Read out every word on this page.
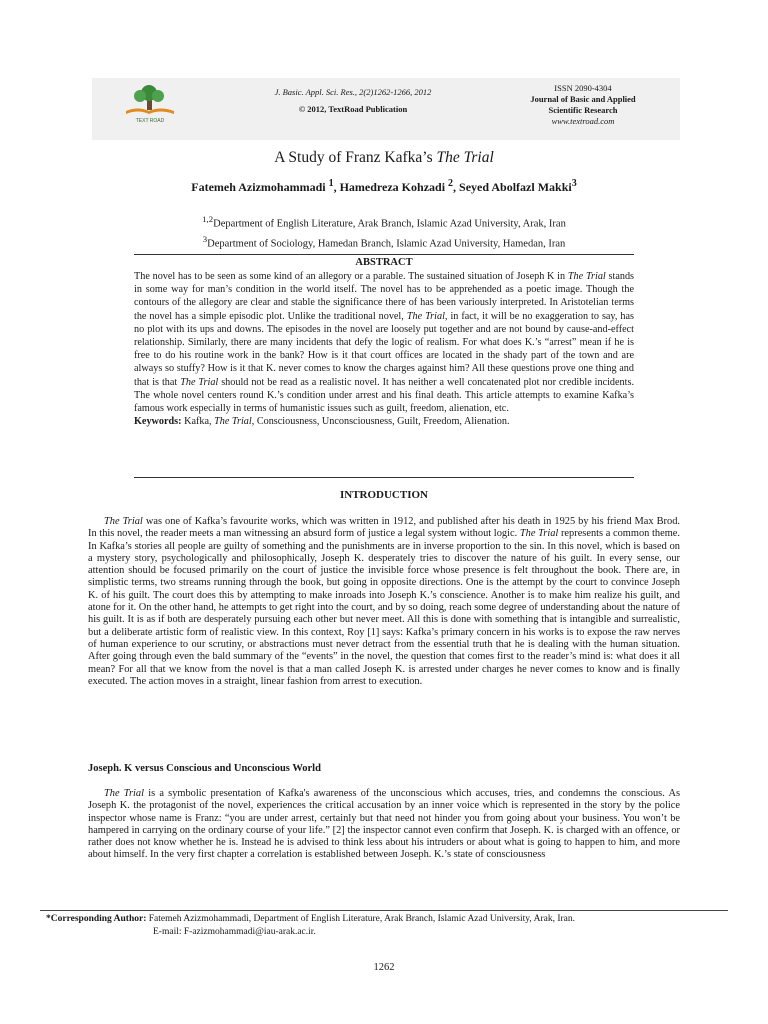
TEXT ROAD
J. Basic. Appl. Sci. Res., 2(2)1262-1266, 2012
© 2012, TextRoad Publication
ISSN 2090-4304
Journal of Basic and Applied
Scientific Research
www.textroad.com
A Study of Franz Kafka’s The Trial
Fatemeh Azizmohammadi $^1$, Hamedreza Kohzadi $^2$, Seyed Abolfazl Makki$^3$
$^{1,2}$Department of English Literature, Arak Branch, Islamic Azad University, Arak, Iran
$^3$Department of Sociology, Hamedan Branch, Islamic Azad University, Hamedan, Iran
ABSTRACT

The novel has to be seen as some kind of an allegory or a parable. The sustained situation of Joseph K in The Trial stands in some way for man’s condition in the world itself. The novel has to be apprehended as a poetic image. Though the contours of the allegory are clear and stable the significance there of has been variously interpreted. In Aristotelian terms the novel has a simple episodic plot. Unlike the traditional novel, The Trial, in fact, it will be no exaggeration to say, has no plot with its ups and downs. The episodes in the novel are loosely put together and are not bound by cause-and-effect relationship. Similarly, there are many incidents that defy the logic of realism. For what does K.’s “arrest” mean if he is free to do his routine work in the bank? How is it that court offices are located in the shady part of the town and are always so stuffy? How is it that K. never comes to know the charges against him? All these questions prove one thing and that is that The Trial should not be read as a realistic novel. It has neither a well concatenated plot nor credible incidents. The whole novel centers round K.’s condition under arrest and his final death. This article attempts to examine Kafka’s famous work especially in terms of humanistic issues such as guilt, freedom, alienation, etc.

Keywords: Kafka, The Trial, Consciousness, Unconsciousness, Guilt, Freedom, Alienation.

INTRODUCTION

The Trial was one of Kafka’s favourite works, which was written in 1912, and published after his death in 1925 by his friend Max Brod. In this novel, the reader meets a man witnessing an absurd form of justice a legal system without logic. The Trial represents a common theme. In Kafka’s stories all people are guilty of something and the punishments are in inverse proportion to the sin. In this novel, which is based on a mystery story, psychologically and philosophically, Joseph K. desperately tries to discover the nature of his guilt. In every sense, our attention should be focused primarily on the court of justice the invisible force whose presence is felt throughout the book. There are, in simplistic terms, two streams running through the book, but going in opposite directions. One is the attempt by the court to convince Joseph K. of his guilt. The court does this by attempting to make inroads into Joseph K.’s conscience. Another is to make him realize his guilt, and atone for it. On the other hand, he attempts to get right into the court, and by so doing, reach some degree of understanding about the nature of his guilt. It is as if both are desperately pursuing each other but never meet. All this is done with something that is intangible and surrealistic, but a deliberate artistic form of realistic view. In this context, Roy [1] says: Kafka’s primary concern in his works is to expose the raw nerves of human experience to our scrutiny, or abstractions must never detract from the essential truth that he is dealing with the human situation. After going through even the bald summary of the “events” in the novel, the question that comes first to the reader’s mind is: what does it all mean? For all that we know from the novel is that a man called Joseph K. is arrested under charges he never comes to know and is finally executed. The action moves in a straight, linear fashion from arrest to execution.

Joseph. K versus Conscious and Unconscious World

The Trial is a symbolic presentation of Kafka's awareness of the unconscious which accuses, tries, and condemns the conscious. As Joseph K. the protagonist of the novel, experiences the critical accusation by an inner voice which is represented in the story by the police inspector whose name is Franz: “you are under arrest, certainly but that need not hinder you from going about your business. You won’t be hampered in carrying on the ordinary course of your life.” [2] the inspector cannot even confirm that Joseph. K. is charged with an offence, or rather does not know whether he is. Instead he is advised to think less about his intruders or about what is going to happen to him, and more about himself. In the very first chapter a correlation is established between Joseph. K.’s state of consciousness

*Corresponding Author: Fatemeh Azizmohammadi, Department of English Literature, Arak Branch, Islamic Azad University, Arak, Iran.
E-mail: F-azizmohammadi@iau-arak.ac.ir.
1262
